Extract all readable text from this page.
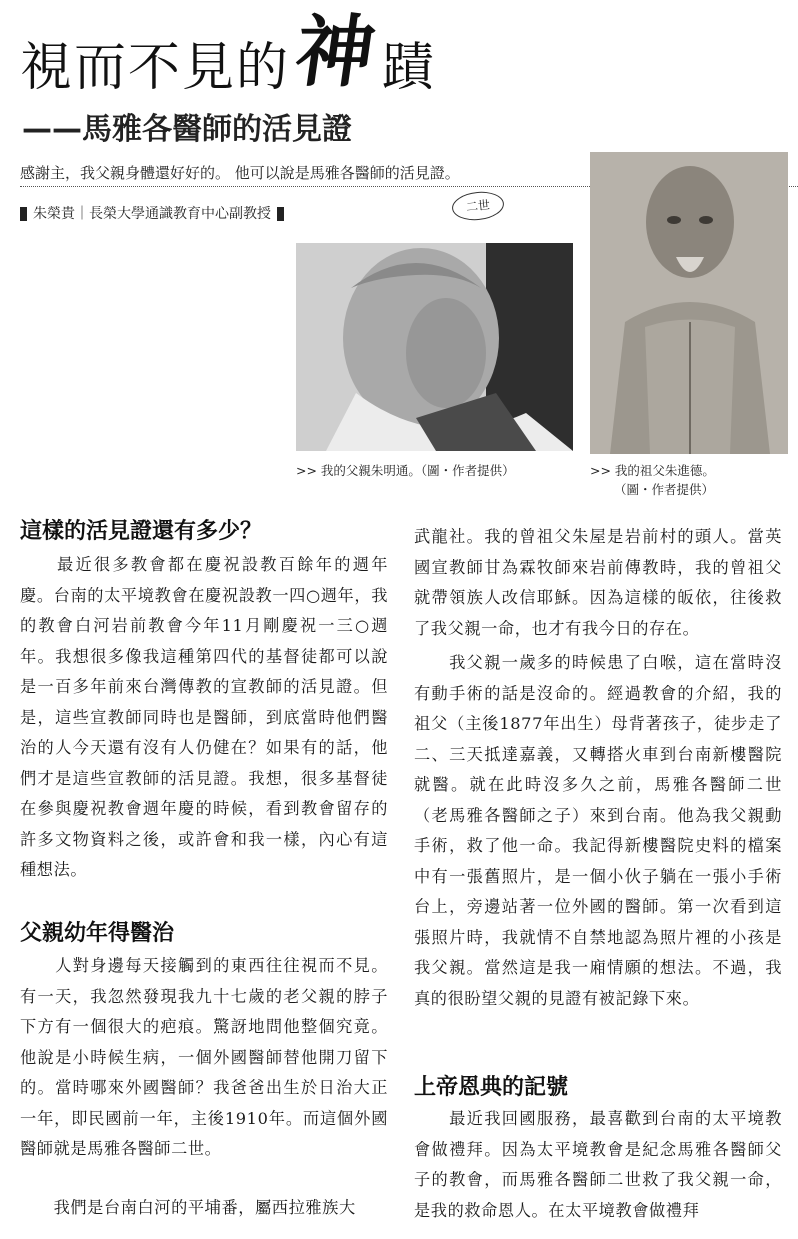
視而不見的神蹟
——馬雅各醫師的活見證
感謝主，我父親身體還好好的。 他可以說是馬雅各醫師的活見證。
朱榮貴｜長榮大學通識教育中心副教授	二世
>> 我的父親朱明通。（圖・作者提供）	>> 我的祖父朱進德。
（圖・作者提供）
這樣的活見證還有多少？
　　最近很多教會都在慶祝設教百餘年的週年慶。台南的太平境教會在慶祝設教一四○週年，我的教會白河岩前教會今年11月剛慶祝一三○週年。我想很多像我這種第四代的基督徒都可以說是一百多年前來台灣傳教的宣教師的活見證。但是，這些宣教師同時也是醫師，到底當時他們醫治的人今天還有沒有人仍健在？如果有的話，他們才是這些宣教師的活見證。我想，很多基督徒在參與慶祝教會週年慶的時候，看到教會留存的許多文物資料之後，或許會和我一樣，內心有這種想法。
父親幼年得醫治
　　人對身邊每天接觸到的東西往往視而不見。有一天，我忽然發現我九十七歲的老父親的脖子下方有一個很大的疤痕。驚訝地問他整個究竟。他說是小時候生病，一個外國醫師替他開刀留下的。當時哪來外國醫師？我爸爸出生於日治大正一年，即民國前一年，主後1910年。而這個外國醫師就是馬雅各醫師二世。
　　我們是台南白河的平埔番，屬西拉雅族大
武龍社。我的曾祖父朱屋是岩前村的頭人。當英國宣教師甘為霖牧師來岩前傳教時，我的曾祖父就帶領族人改信耶穌。因為這樣的皈依，往後救了我父親一命，也才有我今日的存在。
　　我父親一歲多的時候患了白喉，這在當時沒有動手術的話是沒命的。經過教會的介紹，我的祖父（主後1877年出生）母背著孩子，徒步走了二、三天抵達嘉義，又轉搭火車到台南新樓醫院就醫。就在此時沒多久之前，馬雅各醫師二世（老馬雅各醫師之子）來到台南。他為我父親動手術，救了他一命。我記得新樓醫院史料的檔案中有一張舊照片，是一個小伙子躺在一張小手術台上，旁邊站著一位外國的醫師。第一次看到這張照片時，我就情不自禁地認為照片裡的小孩是我父親。當然這是我一廂情願的想法。不過，我真的很盼望父親的見證有被記錄下來。
上帝恩典的記號
　　最近我回國服務，最喜歡到台南的太平境教會做禮拜。因為太平境教會是紀念馬雅各醫師父子的教會，而馬雅各醫師二世救了我父親一命，是我的救命恩人。在太平境教會做禮拜
